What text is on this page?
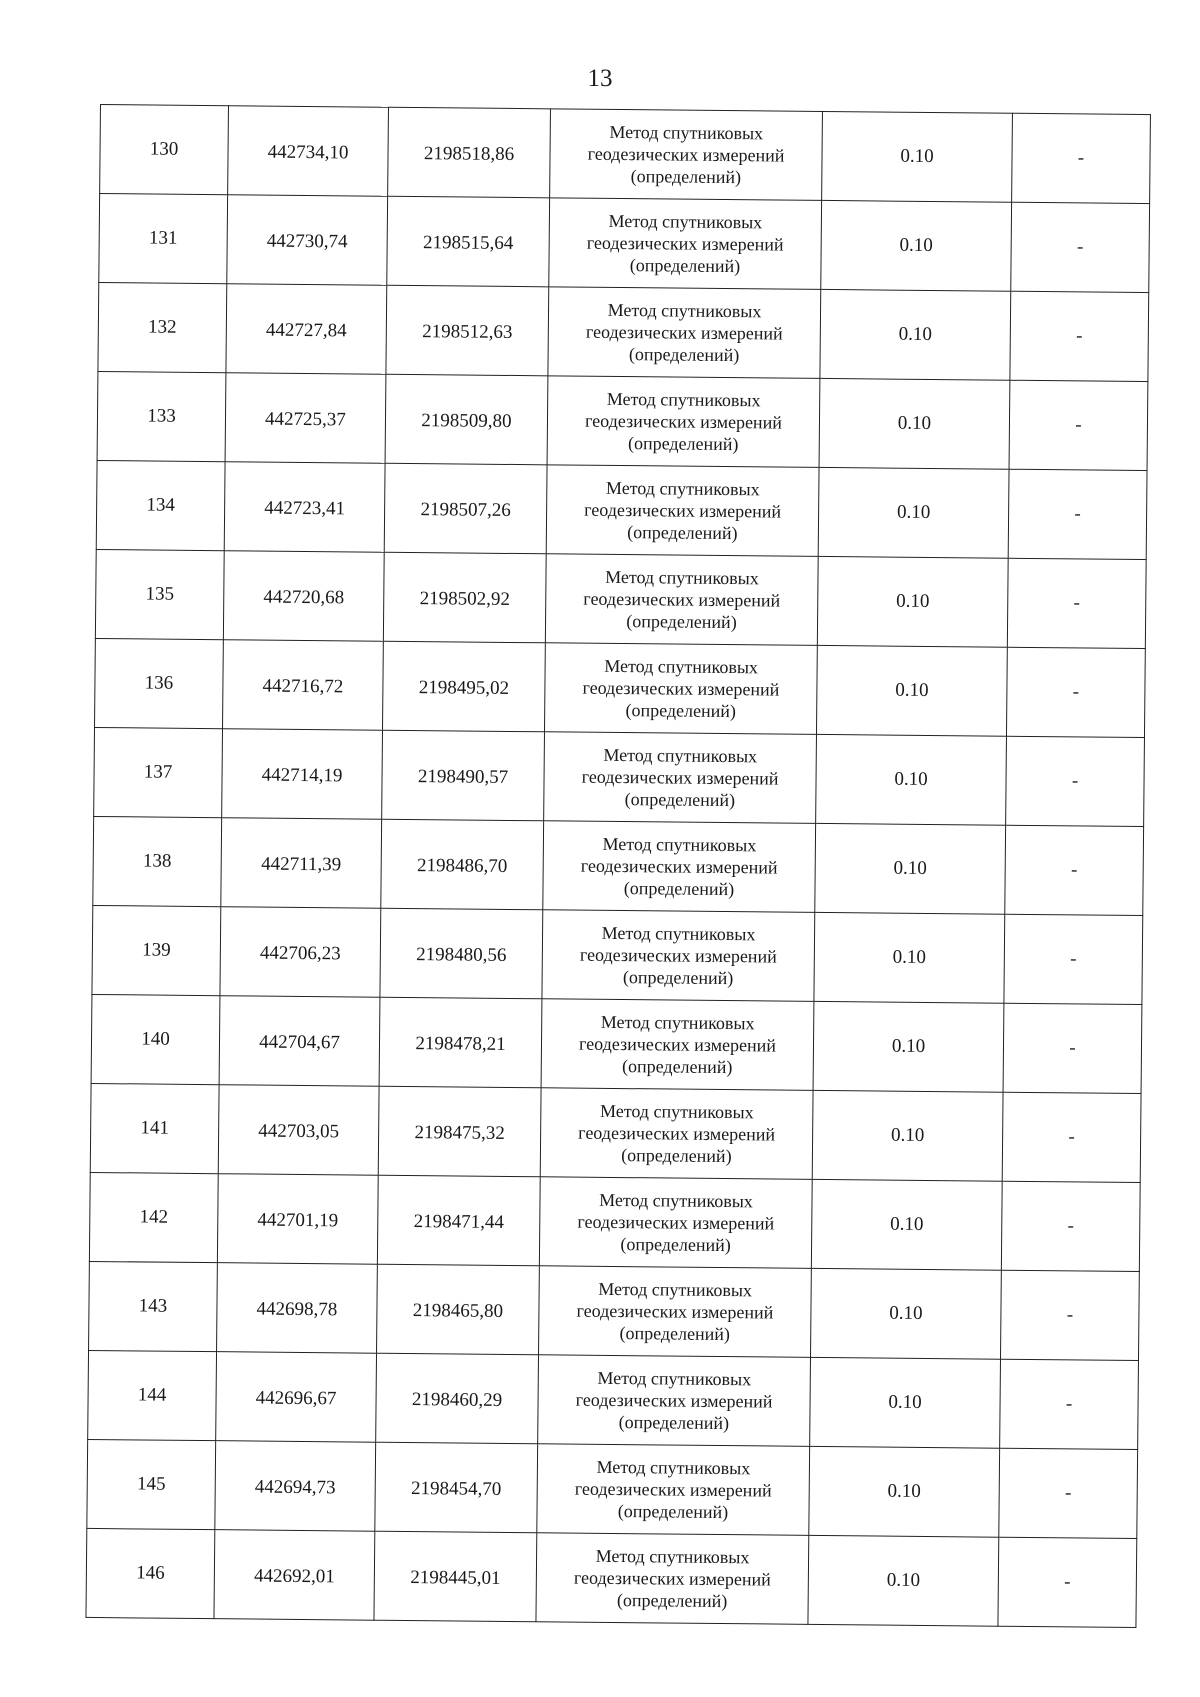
13
130	442734,10	2198518,86	Метод спутниковых
геодезических измерений
(определений)	0.10	-
131	442730,74	2198515,64	Метод спутниковых
геодезических измерений
(определений)	0.10	-
132	442727,84	2198512,63	Метод спутниковых
геодезических измерений
(определений)	0.10	-
133	442725,37	2198509,80	Метод спутниковых
геодезических измерений
(определений)	0.10	-
134	442723,41	2198507,26	Метод спутниковых
геодезических измерений
(определений)	0.10	-
135	442720,68	2198502,92	Метод спутниковых
геодезических измерений
(определений)	0.10	-
136	442716,72	2198495,02	Метод спутниковых
геодезических измерений
(определений)	0.10	-
137	442714,19	2198490,57	Метод спутниковых
геодезических измерений
(определений)	0.10	-
138	442711,39	2198486,70	Метод спутниковых
геодезических измерений
(определений)	0.10	-
139	442706,23	2198480,56	Метод спутниковых
геодезических измерений
(определений)	0.10	-
140	442704,67	2198478,21	Метод спутниковых
геодезических измерений
(определений)	0.10	-
141	442703,05	2198475,32	Метод спутниковых
геодезических измерений
(определений)	0.10	-
142	442701,19	2198471,44	Метод спутниковых
геодезических измерений
(определений)	0.10	-
143	442698,78	2198465,80	Метод спутниковых
геодезических измерений
(определений)	0.10	-
144	442696,67	2198460,29	Метод спутниковых
геодезических измерений
(определений)	0.10	-
145	442694,73	2198454,70	Метод спутниковых
геодезических измерений
(определений)	0.10	-
146	442692,01	2198445,01	Метод спутниковых
геодезических измерений
(определений)	0.10	-
